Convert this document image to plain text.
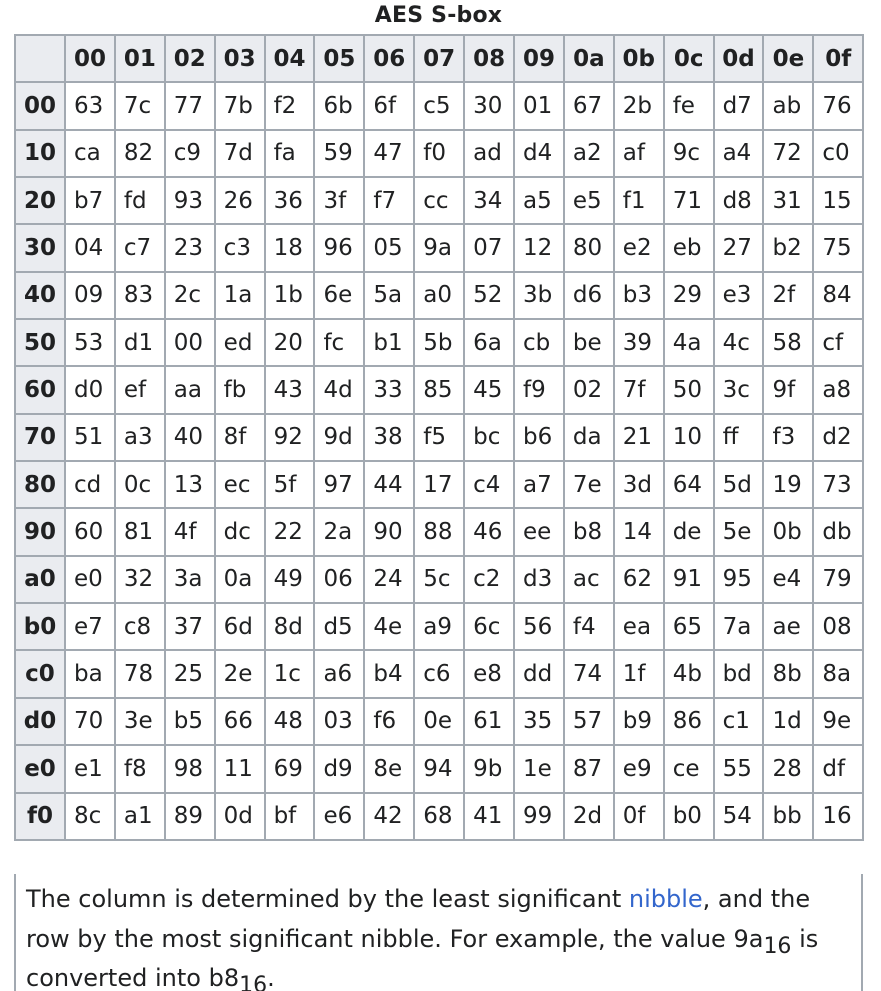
AES S-box
	00	01	02	03	04	05	06	07	08	09	0a	0b	0c	0d	0e	0f
00	63	7c	77	7b	f2	6b	6f	c5	30	01	67	2b	fe	d7	ab	76
10	ca	82	c9	7d	fa	59	47	f0	ad	d4	a2	af	9c	a4	72	c0
20	b7	fd	93	26	36	3f	f7	cc	34	a5	e5	f1	71	d8	31	15
30	04	c7	23	c3	18	96	05	9a	07	12	80	e2	eb	27	b2	75
40	09	83	2c	1a	1b	6e	5a	a0	52	3b	d6	b3	29	e3	2f	84
50	53	d1	00	ed	20	fc	b1	5b	6a	cb	be	39	4a	4c	58	cf
60	d0	ef	aa	fb	43	4d	33	85	45	f9	02	7f	50	3c	9f	a8
70	51	a3	40	8f	92	9d	38	f5	bc	b6	da	21	10	ff	f3	d2
80	cd	0c	13	ec	5f	97	44	17	c4	a7	7e	3d	64	5d	19	73
90	60	81	4f	dc	22	2a	90	88	46	ee	b8	14	de	5e	0b	db
a0	e0	32	3a	0a	49	06	24	5c	c2	d3	ac	62	91	95	e4	79
b0	e7	c8	37	6d	8d	d5	4e	a9	6c	56	f4	ea	65	7a	ae	08
c0	ba	78	25	2e	1c	a6	b4	c6	e8	dd	74	1f	4b	bd	8b	8a
d0	70	3e	b5	66	48	03	f6	0e	61	35	57	b9	86	c1	1d	9e
e0	e1	f8	98	11	69	d9	8e	94	9b	1e	87	e9	ce	55	28	df
f0	8c	a1	89	0d	bf	e6	42	68	41	99	2d	0f	b0	54	bb	16
The column is determined by the least significant nibble, and the row by the most significant nibble. For example, the value $9a_{16}$ is converted into $b8_{16}$.
